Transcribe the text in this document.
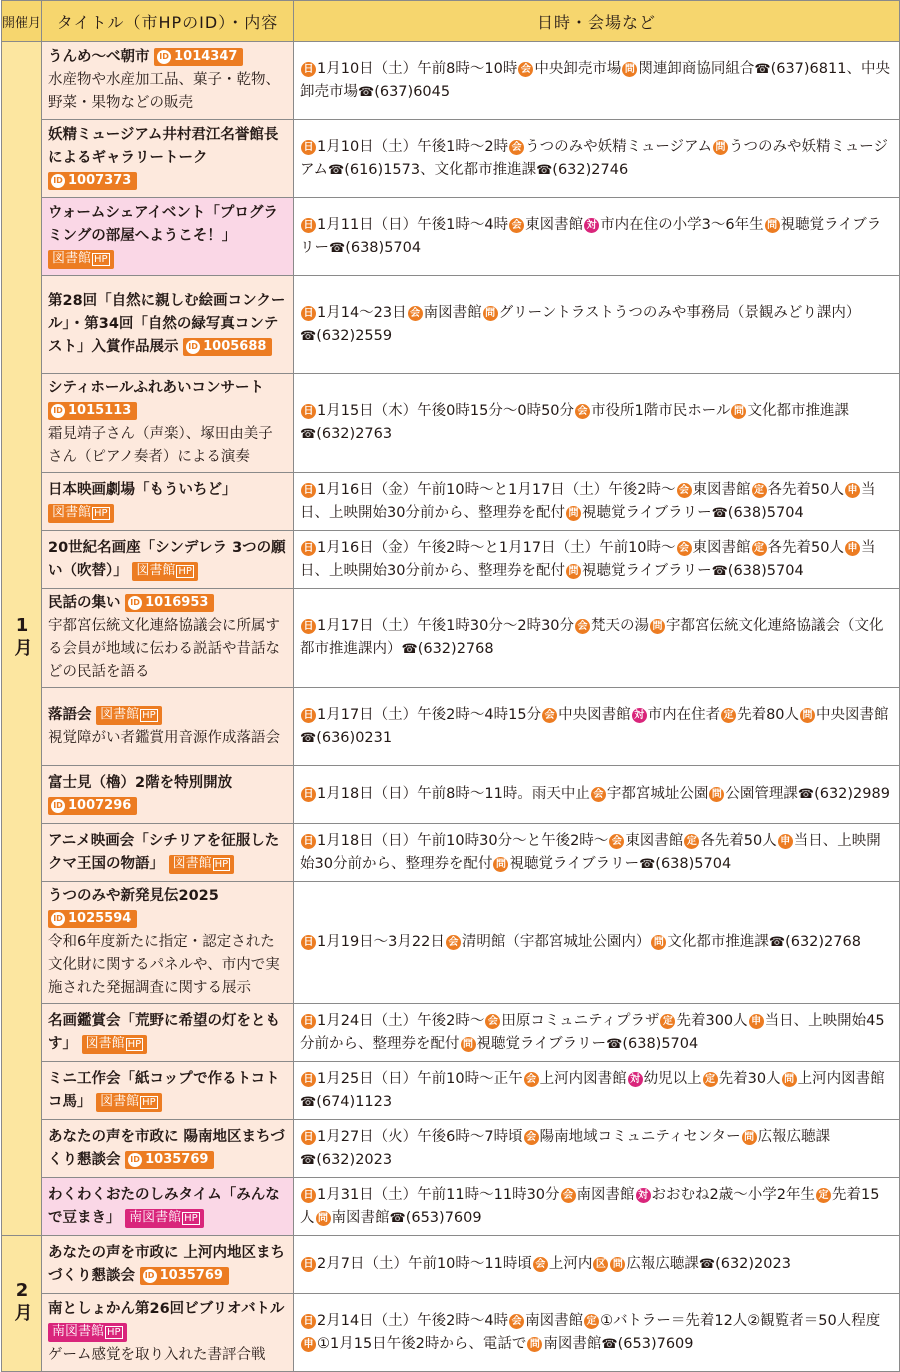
開催月	タイトル（市HPのID）・内容	日時・会場など
1月	うんめ～べ朝市 ID 1014347
水産物や水産加工品、菓子・乾物、野菜・果物などの販売	日 1月10日（土）午前8時～10時 会 中央卸売市場 問 関連卸商協同組合☎(637)6811、中央卸売市場☎(637)6045
	妖精ミュージアム井村君江名誉館長によるギャラリートーク ID 1007373	日 1月10日（土）午後1時～2時 会 うつのみや妖精ミュージアム 問 うつのみや妖精ミュージアム☎(616)1573、文化都市推進課☎(632)2746
	ウォームシェアイベント「プログラミングの部屋へようこそ！」 図書館 HP	日 1月11日（日）午後1時～4時 会 東図書館 対 市内在住の小学3～6年生 問 視聴覚ライブラリー☎(638)5704
	第28回「自然に親しむ絵画コンクール」・第34回「自然の緑写真コンテスト」入賞作品展示 ID 1005688	日 1月14～23日 会 南図書館 問 グリーントラストうつのみや事務局（景観みどり課内）☎(632)2559
	シティホールふれあいコンサート ID 1015113
霜見靖子さん（声楽）、塚田由美子さん（ピアノ奏者）による演奏	日 1月15日（木）午後0時15分～0時50分 会 市役所1階市民ホール 問 文化都市推進課☎(632)2763
	日本映画劇場「もういちど」 図書館 HP	日 1月16日（金）午前10時～と1月17日（土）午後2時～ 会 東図書館 定 各先着50人 申 当日、上映開始30分前から、整理券を配付 問 視聴覚ライブラリー☎(638)5704
	20世紀名画座「シンデレラ 3つの願い（吹替）」 図書館 HP	日 1月16日（金）午後2時～と1月17日（土）午前10時～ 会 東図書館 定 各先着50人 申 当日、上映開始30分前から、整理券を配付 問 視聴覚ライブラリー☎(638)5704
	民話の集い ID 1016953
宇都宮伝統文化連絡協議会に所属する会員が地域に伝わる説話や昔話などの民話を語る	日 1月17日（土）午後1時30分～2時30分 会 梵天の湯 問 宇都宮伝統文化連絡協議会（文化都市推進課内）☎(632)2768
	落語会 図書館 HP
視覚障がい者鑑賞用音源作成落語会	日 1月17日（土）午後2時～4時15分 会 中央図書館 対 市内在住者 定 先着80人 問 中央図書館☎(636)0231
	富士見（櫓）2階を特別開放 ID 1007296	日 1月18日（日）午前8時～11時。雨天中止 会 宇都宮城址公園 問 公園管理課☎(632)2989
	アニメ映画会「シチリアを征服したクマ王国の物語」 図書館 HP	日 1月18日（日）午前10時30分～と午後2時～ 会 東図書館 定 各先着50人 申 当日、上映開始30分前から、整理券を配付 問 視聴覚ライブラリー☎(638)5704
	うつのみや新発見伝2025 ID 1025594
令和6年度新たに指定・認定された文化財に関するパネルや、市内で実施された発掘調査に関する展示	日 1月19日～3月22日 会 清明館（宇都宮城址公園内） 問 文化都市推進課☎(632)2768
	名画鑑賞会「荒野に希望の灯をともす」 図書館 HP	日 1月24日（土）午後2時～ 会 田原コミュニティプラザ 定 先着300人 申 当日、上映開始45分前から、整理券を配付 問 視聴覚ライブラリー☎(638)5704
	ミニ工作会「紙コップで作るトコトコ馬」 図書館 HP	日 1月25日（日）午前10時～正午 会 上河内図書館 対 幼児以上 定 先着30人 問 上河内図書館☎(674)1123
	あなたの声を市政に 陽南地区まちづくり懇談会 ID 1035769	日 1月27日（火）午後6時～7時頃 会 陽南地域コミュニティセンター 問 広報広聴課☎(632)2023
	わくわくおたのしみタイム「みんなで豆まき」 南図書館 HP	日 1月31日（土）午前11時～11時30分 会 南図書館 対 おおむね2歳～小学2年生 定 先着15人 問 南図書館☎(653)7609
2月	あなたの声を市政に 上河内地区まちづくり懇談会 ID 1035769	日 2月7日（土）午前10時～11時頃 会 上河内 区 問 広報広聴課☎(632)2023
	南としょかん第26回ビブリオバトル 南図書館 HP
ゲーム感覚を取り入れた書評合戦	日 2月14日（土）午後2時～4時 会 南図書館 定 ①バトラー＝先着12人②観覧者＝50人程度申 ①1月15日午後2時から、電話で 問 南図書館☎(653)7609
